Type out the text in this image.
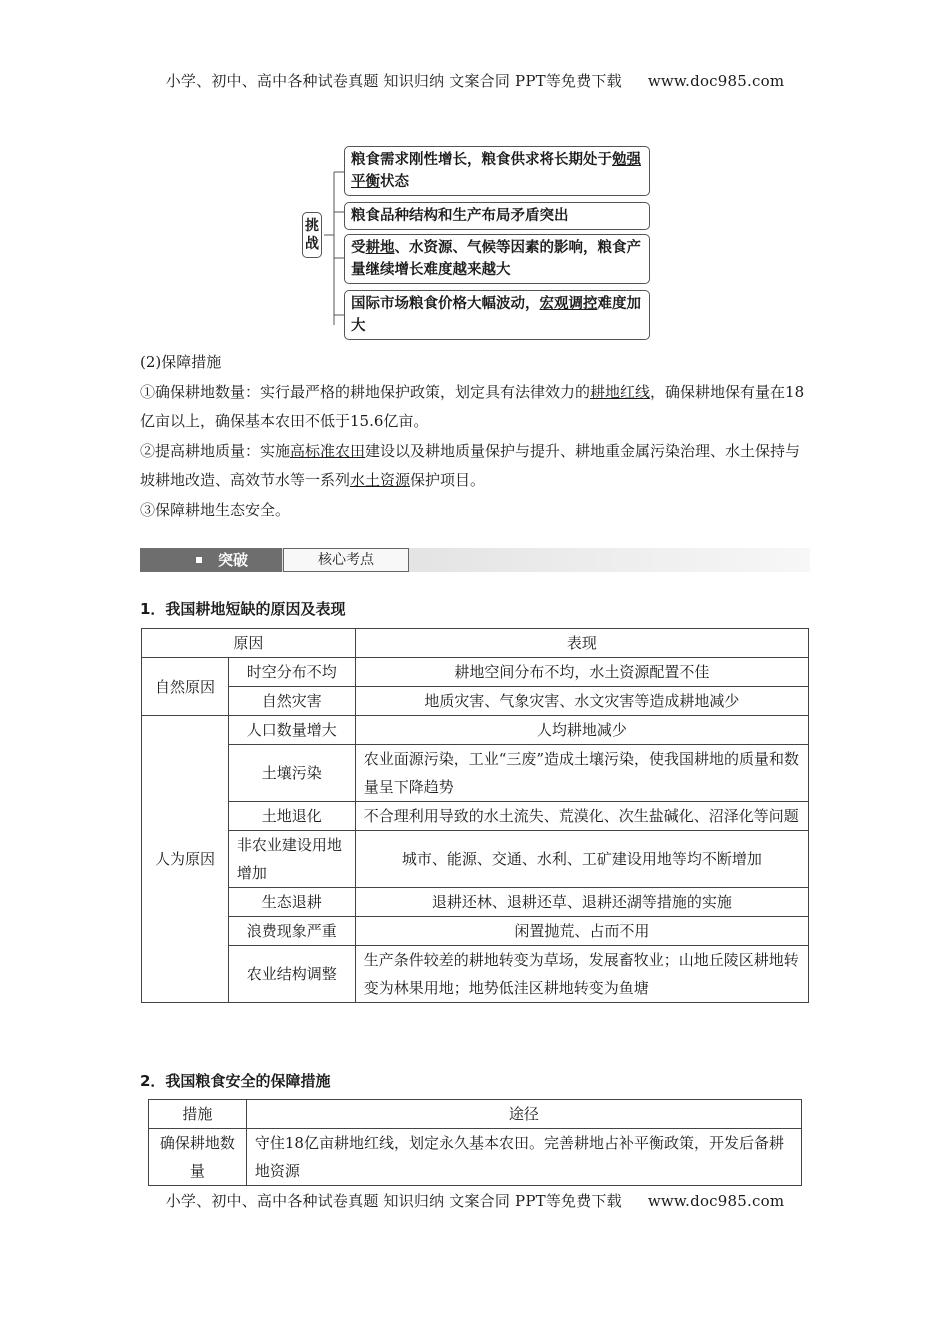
小学、初中、高中各种试卷真题 知识归纳 文案合同 PPT等免费下载 www.doc985.com
挑战
粮食需求刚性增长，粮食供求将长期处于勉强平衡状态
粮食品种结构和生产布局矛盾突出
受耕地、水资源、气候等因素的影响，粮食产量继续增长难度越来越大
国际市场粮食价格大幅波动，宏观调控难度加大
(2)保障措施
①确保耕地数量：实行最严格的耕地保护政策，划定具有法律效力的耕地红线，确保耕地保有量在18亿亩以上，确保基本农田不低于15.6亿亩。
②提高耕地质量：实施高标准农田建设以及耕地质量保护与提升、耕地重金属污染治理、水土保持与坡耕地改造、高效节水等一系列水土资源保护项目。
③保障耕地生态安全。
突破	核心考点
1．我国耕地短缺的原因及表现
原因		表现
自然原因	时空分布不均	耕地空间分布不均，水土资源配置不佳
	自然灾害	地质灾害、气象灾害、水文灾害等造成耕地减少
人为原因	人口数量增大	人均耕地减少
	土壤污染	农业面源污染，工业“三废”造成土壤污染，使我国耕地的质量和数量呈下降趋势
	土地退化	不合理利用导致的水土流失、荒漠化、次生盐碱化、沼泽化等问题
	非农业建设用地增加	城市、能源、交通、水利、工矿建设用地等均不断增加
	生态退耕	退耕还林、退耕还草、退耕还湖等措施的实施
	浪费现象严重	闲置抛荒、占而不用
	农业结构调整	生产条件较差的耕地转变为草场，发展畜牧业；山地丘陵区耕地转变为林果用地；地势低洼区耕地转变为鱼塘
2．我国粮食安全的保障措施
措施	途径
确保耕地数量	守住18亿亩耕地红线，划定永久基本农田。完善耕地占补平衡政策，开发后备耕地资源
小学、初中、高中各种试卷真题 知识归纳 文案合同 PPT等免费下载 www.doc985.com
